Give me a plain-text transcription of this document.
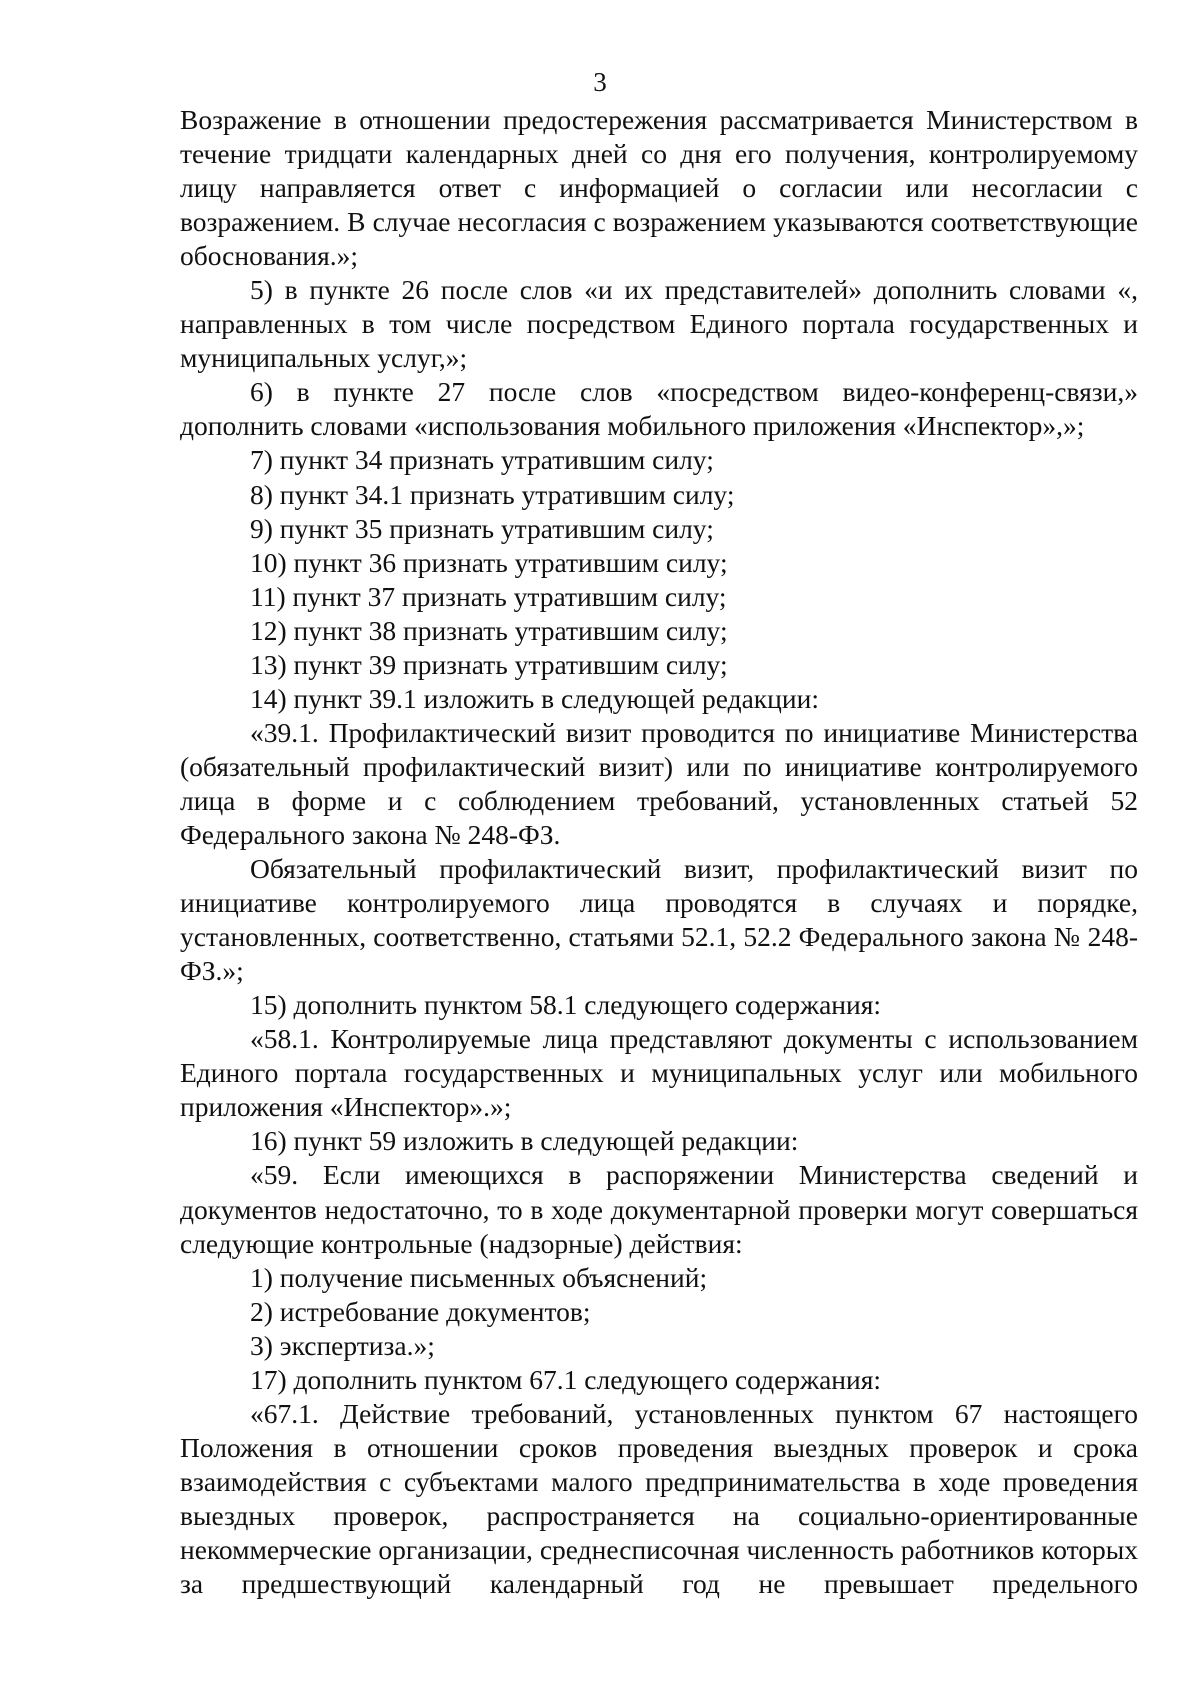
3

Возражение в отношении предостережения рассматривается Министерством в течение тридцати календарных дней со дня его получения, контролируемому лицу направляется ответ с информацией о согласии или несогласии с возражением. В случае несогласия с возражением указываются соответствующие обоснования.»;

5) в пункте 26 после слов «и их представителей» дополнить словами «, направленных в том числе посредством Единого портала государственных и муниципальных услуг,»;

6) в пункте 27 после слов «посредством видео-конференц-связи,» дополнить словами «использования мобильного приложения «Инспектор»,»;

7) пункт 34 признать утратившим силу;

8) пункт 34.1 признать утратившим силу;

9) пункт 35 признать утратившим силу;

10) пункт 36 признать утратившим силу;

11) пункт 37 признать утратившим силу;

12) пункт 38 признать утратившим силу;

13) пункт 39 признать утратившим силу;

14) пункт 39.1 изложить в следующей редакции:

«39.1. Профилактический визит проводится по инициативе Министерства (обязательный профилактический визит) или по инициативе контролируемого лица в форме и с соблюдением требований, установленных статьей 52 Федерального закона № 248-ФЗ.

Обязательный профилактический визит, профилактический визит по инициативе контролируемого лица проводятся в случаях и порядке, установленных, соответственно, статьями 52.1, 52.2 Федерального закона № 248-ФЗ.»;

15) дополнить пунктом 58.1 следующего содержания:

«58.1. Контролируемые лица представляют документы с использованием Единого портала государственных и муниципальных услуг или мобильного приложения «Инспектор».»;

16) пункт 59 изложить в следующей редакции:

«59. Если имеющихся в распоряжении Министерства сведений и документов недостаточно, то в ходе документарной проверки могут совершаться следующие контрольные (надзорные) действия:

1) получение письменных объяснений;

2) истребование документов;

3) экспертиза.»;

17) дополнить пунктом 67.1 следующего содержания:

«67.1. Действие требований, установленных пунктом 67 настоящего Положения в отношении сроков проведения выездных проверок и срока взаимодействия с субъектами малого предпринимательства в ходе проведения выездных проверок, распространяется на социально-ориентированные некоммерческие организации, среднесписочная численность работников которых за предшествующий календарный год не превышает предельного
